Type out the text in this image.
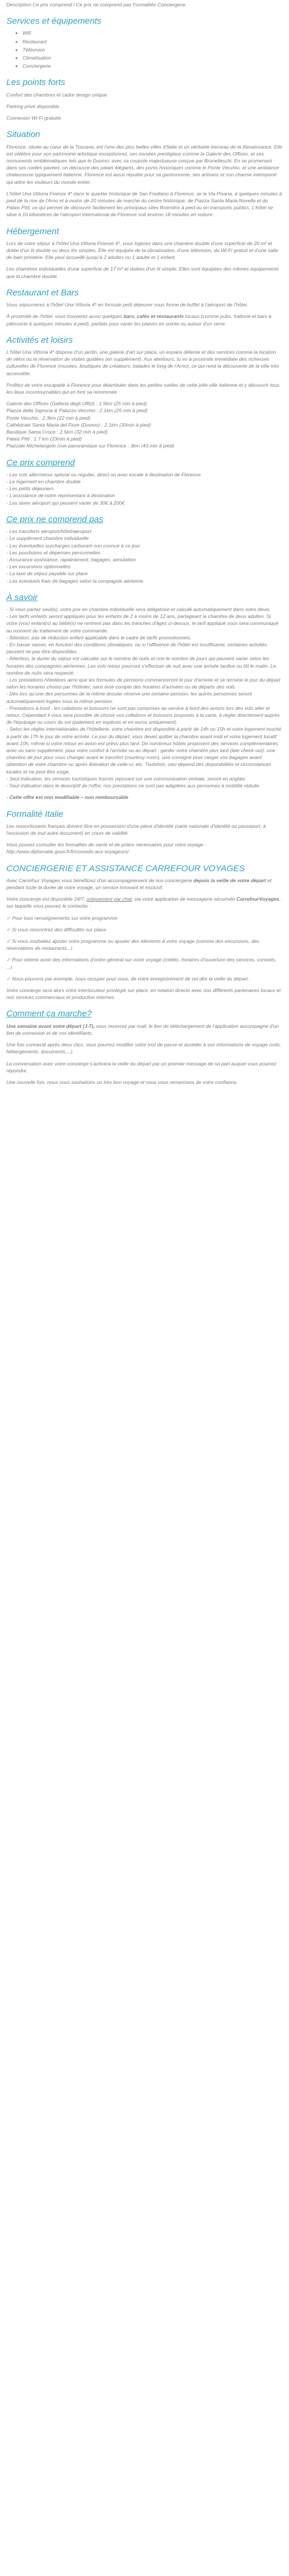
Description Ce prix comprend / Ce prix ne comprend pas Formalités Conciergerie

Services et équipements
• Wifi
• Restaurant
• Télévision
• Climatisation
• Conciergerie
Les points forts

Confort des chambres et cadre design unique

Parking privé disponible

Connexion Wi-Fi gratuite

Situation

Florence, située au cœur de la Toscane, est l'une des plus belles villes d'Italie et un véritable berceau de la Renaissance. Elle est célèbre pour son patrimoine artistique exceptionnel, ses musées prestigieux comme la Galerie des Offices, et ses monuments emblématiques tels que le Duomo, avec sa coupole majestueuse conçue par Brunelleschi. En se promenant dans ses ruelles pavées, on découvre des palais élégants, des ponts historiques comme le Ponte Vecchio, et une ambiance chaleureuse typiquement italienne. Florence est aussi réputée pour sa gastronomie, ses artisans et son charme intemporel qui attire les visiteurs du monde entier.

L'hôtel Una Vittoria Firenze 4* dans le quartier historique de San Frediano à Florence, se la Via Pisana, à quelques minutes à pied de la rive de l'Arno et à moins de 20 minutes de marche du centre historique, de Piazza Santa Maria Novella et du Palais Pitti, ce qui permet de découvrir facilement les principaux sites florentins à pied ou en transports publics. L'hôtel se situe à 10 kilomètres de l'aéroport international de Florence soit environ 18 minutes en voiture.

Hébergement

Lors de votre séjour à l'hôtel Una Vittoria Firenze 4*, vous logerez dans une chambre double d'une superficie de 20 m² et dotée d'un lit double ou deux lits simples. Elle est équipée de la climatisation, d'une télévision, du Wi-Fi gratuit et d'une salle de bain privative. Elle peut accueillir jusqu'à 2 adultes ou 1 adulte et 1 enfant.

Les chambres individuelles d'une superficie de 17 m² et dotées d'un lit simple. Elles sont équipées des mêmes équipements que la chambre double.

Restaurant et Bars

Vous séjournerez à l'hôtel Una Vittoria 4* en formule petit déjeuner sous forme de buffet à l'aéroport de l'hôtel.

À proximité de l'hôtel, vous trouverez aussi quelques bars, cafés et restaurants locaux (comme pubs, trattorie et bars à pâtisserie à quelques minutes à pied), parfaits pour varier les plaisirs en soirée ou autour d'un verre.

Activités et loisirs

L'hôtel Una Vittoria 4* dispose d'un jardin, une galerie d'art sur place, un espace détente et des services comme la location de vélos ou la réservation de visites guidées (en supplément). Aux alentours, tu es à proximité immédiate des richesses culturelles de Florence (musées, boutiques de créateurs, balades le long de l'Arno), ce qui rend la découverte de la ville très accessible.

Profitez de votre escapade à Florence pour déambuler dans les petites ruelles de cette jolie ville italienne et y découvrir tous les lieux incontournables qui en font sa renommée :

Galerie des Offices (Galleria degli Uffizi) : 1.9km (25 min à pied)

Piazza della Signoria & Palazzo Vecchio : 2.1km (25 min à pied)

Ponte Vecchio : 2.3km (22 min à pied)

Cathédrale Santa Maria del Fiore (Duomo) : 2.1km (30min à pied)

Basilique Santa Croce : 2.5km (32 min à pied)

Palais Pitti : 1.7 km (23min à pied)

Piazzale Michelangelo (vue panoramique sur Florence : 3km (43 min à pied)

Ce prix comprend

- Les vols aller/retour spécial ou régulier, direct ou avec escale à destination de Florence

- Le logement en chambre double

- Les petits déjeuners

- L'assistance de notre représentant à destination

- Les taxes aéroport qui peuvent varier de 30€ à 200€

Ce prix ne comprend pas

- Les transferts aéroport/hôtel/aéroport

- Le supplément chambre individuelle

- Les éventuelles surcharges carburant non connue à ce jour

- Les pourboires et dépenses personnelles

- Assurance assistance, rapatriement, bagages, annulation

- Les excursions optionnelles

- La taxe de séjour payable sur place

- Les éventuels frais de bagages selon la compagnie aérienne

À savoir

- Si vous partez seul(e), votre prix en chambre individuelle sera obligatoire et calculé automatiquement dans votre devis.

- Les tarifs enfants seront appliqués pour les enfants de 2 à moins de 12 ans, partageant la chambre de deux adultes. Si votre (vos) enfant(s) au bébé(s) ne rentrent pas dans les tranches d'âges ci-dessus, le tarif appliqué vous sera communiqué au moment du traitement de votre commande.

- Attention, pas de réduction enfant applicable dans le cadre de tarifs promotionnels.

- En basse saison, en fonction des conditions climatiques, ou si l'affluence de l'hôtel est insuffisante, certaines activités peuvent ne pas être disponibles.

- Attention, la durée du séjour est calculée sur le nombre de nuits et non le nombre de jours qui peuvent varier selon les horaires des compagnies aériennes. Les vols retour pourront s'effectuer de nuit avec une arrivée tardive ou tôt le matin. Le nombre de nuits sera respecté.

- Les prestations hôtelières ainsi que les formules de pensions commenceront le jour d'arrivée et se termine le jour du départ selon les horaires choisis par l'hôtelier, sans tenir compte des horaires d'arrivées ou de départs des vols.

- Dès lors qu'une des personnes de la même dossier réserve une certaine pension, les autres personnes seront automatiquement logées sous la même pension.

- Prestations à bord : les collations et boissons ne sont pas comprises au service à bord des avions lors des vols aller et retour. Cependant il vous sera possible de choisir vos collations et boissons proposés à la carte, à régler directement auprès de l'équipage ou cours du vol (paiement en espèces et en euros uniquement).

- Selon les règles internationales de l'hôtellerie, votre chambre est disponible à partir de 14h ou 15h et votre logement touché à partir de 17h le jour de votre arrivée. Le jour du départ, vous devez quitter la chambre avant midi et votre logement locatif avant 10h, même si votre retour en avion est prévu plus tard. De nombreux hôtels proposent des services complémentaires, avec ou sans supplément, pour votre confort à l'arrivée ou au départ : garder votre chambre plus tard (late check-out), une chambre de jour pour vous changer avant le transfert (courtesy room), une consigne pour ranger vos bagages avant obtention de votre chambre ou après libération de celle-ci, etc. Toutefois, ceci dépend des disponibilités et circonstances locales et ne peut être exigé.

- Seul indication, les services touristiques fournis reposant sur une communication verbale, seront en anglais

- Seul indication dans le descriptif de l'offre, nos prestations ne sont pas adaptées aux personnes à mobilité réduite.

- Cette offre est non modifiable – non remboursable

Formalité Italie

Les ressortissants français doivent être en possession d'une pièce d'identité (carte nationale d'identité ou passeport, à l'exclusion de tout autre document) en cours de validité.

Vous pouvez consulter les formalités de santé et de police nécessaires pour votre voyage : http://www.diplomatie.gouv.fr/fr/conseils-aux-voyageurs/

CONCIERGERIE ET ASSISTANCE CARREFOUR VOYAGES

Avec Carrefour Voyages vous bénéficiez d'un accompagnement de nos conciergerie depuis la veille de votre départ et pendant toute la durée de votre voyage, un service innovant et exclusif.

Votre concierge est disponible 24/7, uniquement par chat, via votre application de messagerie sécurisée CarrefourVoyages, sur laquelle vous pouvez le contacter :

✓ Pour tous renseignements sur votre programme

✓ Si vous rencontrez des difficultés sur place

✓ Si vous souhaitez ajuster votre programme ou ajouter des éléments à votre voyage (comme des excursions, des réservations de restaurants...)

✓ Pour obtenir avoir des informations d'ordre général sur votre voyage (météo, horaires d'ouverture des services, conseils, ...)

✓ Nous pouvons par exemple, nous occuper pour vous, de votre enregistrement de vol dès la veille du départ.

Votre concierge sera alors votre interlocuteur privilégié sur place, en relation directe avec nos différents partenaires locaux et nos services commerciaux et production internes.

Comment ça marche?

Une semaine avant votre départ (J-7), vous recevrez par mail, le lien de téléchargement de l'application accompagné d'un lien de connexion et de vos identifiants.

Une fois connecté après deux clics, vous pourrez modifier votre mot de passe et accéder à vos informations de voyage (vols, hébergements, documents,...).

La conversation avec votre concierge s'activera la veille du départ par un premier message de sa part auquel vous pourrez répondre.

Une nouvelle fois, nous vous souhaitons un très bon voyage et nous vous remercions de votre confiance.
